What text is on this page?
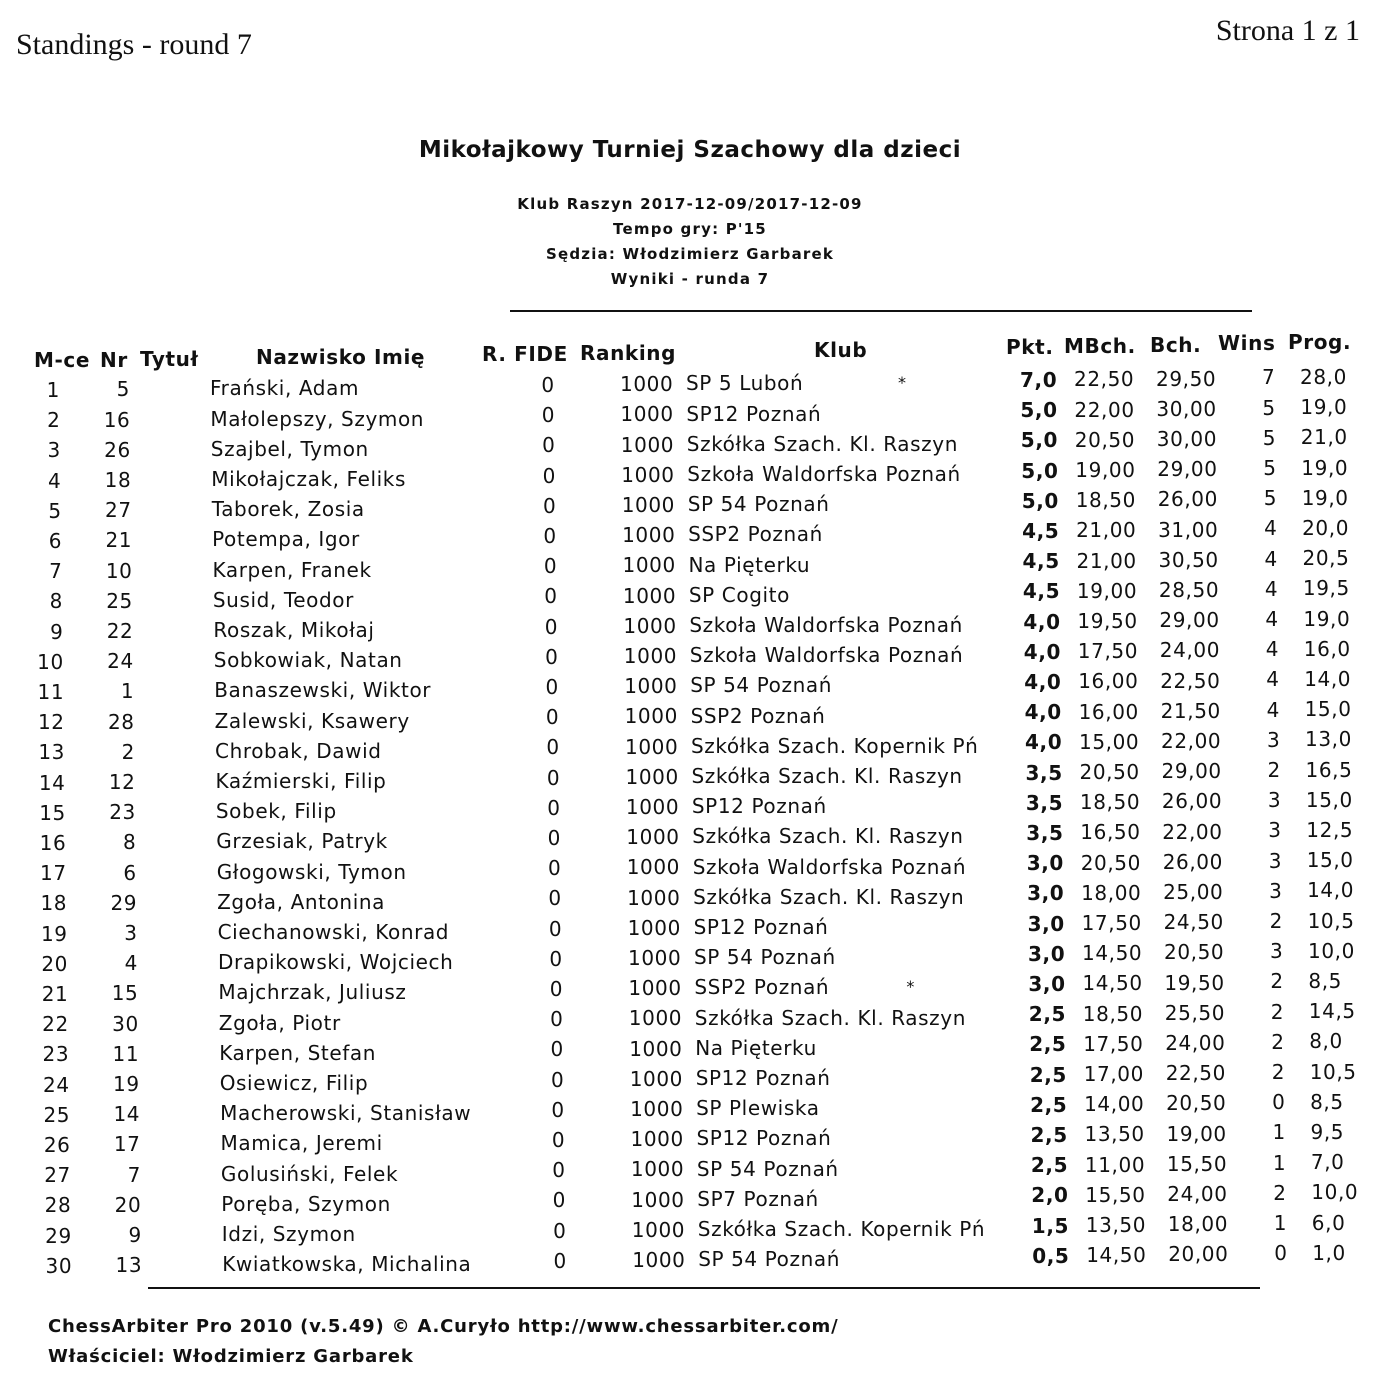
Standings - round 7	Strona 1 z 1
Mikołajkowy Turniej Szachowy dla dzieci
Klub Raszyn 2017-12-09/2017-12-09
Tempo gry: P'15
Sędzia: Włodzimierz Garbarek
Wyniki - runda 7
M-ce Nr Tytuł	Nazwisko Imię	R. FIDE Ranking	Klub	Pkt. MBch. Bch. Wins Prog.
1	5	Frański, Adam	0	1000 SP 5 Luboń	7,0 22,50 29,50 7	28,0
2 16	Małolepszy, Szymon	0	1000 SP12 Poznań	5,0 22,00 30,00 5	19,0
3 26	Szajbel, Tymon	0	1000 Szkółka Szach. Kl. Raszyn	5,0 20,50 30,00 5	21,0
4 18	Mikołajczak, Feliks	0	1000 Szkoła Waldorfska Poznań	5,0 19,00 29,00 5	19,0
5 27	Taborek, Zosia	0	1000 SP 54 Poznań	5,0 18,50 26,00 5	19,0
6 21	Potempa, Igor	0	1000 SSP2 Poznań	4,5 21,00 31,00 4	20,0
7 10	Karpen, Franek	0	1000 Na Pięterku	4,5 21,00 30,50 4	20,5
8 25	Susid, Teodor	0	1000 SP Cogito	4,5 19,00 28,50 4	19,5
9 22	Roszak, Mikołaj	0	1000 Szkoła Waldorfska Poznań	4,0 19,50 29,00 4	19,0
10 24	Sobkowiak, Natan	0	1000 Szkoła Waldorfska Poznań	4,0 17,50 24,00 4	16,0
11	1	Banaszewski, Wiktor	0	1000 SP 54 Poznań	4,0 16,00 22,50 4	14,0
12 28	Zalewski, Ksawery	0	1000 SSP2 Poznań	4,0 16,00 21,50 4	15,0
13	2	Chrobak, Dawid	0	1000 Szkółka Szach. Kopernik Pń	4,0 15,00 22,00 3	13,0
14 12	Kaźmierski, Filip	0	1000 Szkółka Szach. Kl. Raszyn	3,5 20,50 29,00 2	16,5
15 23	Sobek, Filip	0	1000 SP12 Poznań	3,5 18,50 26,00 3	15,0
16	8	Grzesiak, Patryk	0	1000 Szkółka Szach. Kl. Raszyn	3,5 16,50 22,00 3	12,5
17	6	Głogowski, Tymon	0	1000 Szkoła Waldorfska Poznań	3,0 20,50 26,00 3	15,0
18 29	Zgoła, Antonina	0	1000 Szkółka Szach. Kl. Raszyn	3,0 18,00 25,00 3	14,0
19	3	Ciechanowski, Konrad	0	1000 SP12 Poznań	3,0 17,50 24,50 2	10,5
20	4	Drapikowski, Wojciech	0	1000 SP 54 Poznań	3,0 14,50 20,50 3	10,0
21 15	Majchrzak, Juliusz	0	1000 SSP2 Poznań	3,0 14,50 19,50 2	8,5
22 30	Zgoła, Piotr	0	1000 Szkółka Szach. Kl. Raszyn	2,5 18,50 25,50 2	14,5
23 11	Karpen, Stefan	0	1000 Na Pięterku	2,5 17,50 24,00 2	8,0
24 19	Osiewicz, Filip	0	1000 SP12 Poznań	2,5 17,00 22,50 2	10,5
25 14	Macherowski, Stanisław	0	1000 SP Plewiska	2,5 14,00 20,50 0	8,5
26 17	Mamica, Jeremi	0	1000 SP12 Poznań	2,5 13,50 19,00 1	9,5
27	7	Golusiński, Felek	0	1000 SP 54 Poznań	2,5 11,00 15,50 1	7,0
28 20	Poręba, Szymon	0	1000 SP7 Poznań	2,0 15,50 24,00 2	10,0
29	9	Idzi, Szymon	0	1000 Szkółka Szach. Kopernik Pń	1,5 13,50 18,00 1	6,0
30 13	Kwiatkowska, Michalina	0	1000 SP 54 Poznań	0,5 14,50 20,00 0	1,0
*
*
ChessArbiter Pro 2010 (v.5.49) © A.Curyło http://www.chessarbiter.com/
Właściciel: Włodzimierz Garbarek
